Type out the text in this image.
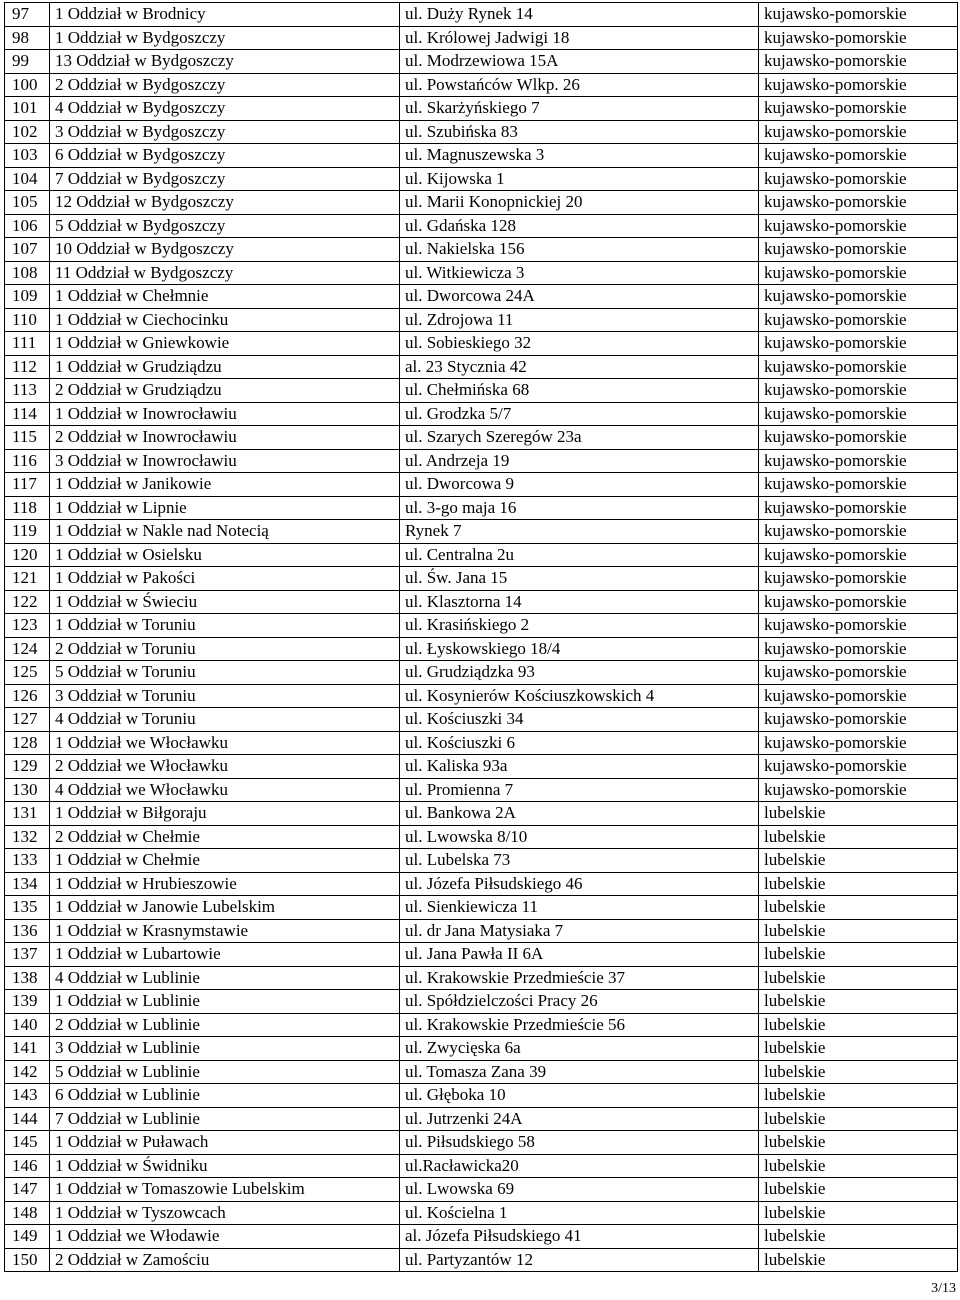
97	1 Oddział w Brodnicy	ul. Duży Rynek 14	kujawsko-pomorskie
98	1 Oddział w Bydgoszczy	ul. Królowej Jadwigi 18	kujawsko-pomorskie
99	13 Oddział w Bydgoszczy	ul. Modrzewiowa 15A	kujawsko-pomorskie
100	2 Oddział w Bydgoszczy	ul. Powstańców Wlkp. 26	kujawsko-pomorskie
101	4 Oddział w Bydgoszczy	ul. Skarżyńskiego 7	kujawsko-pomorskie
102	3 Oddział w Bydgoszczy	ul. Szubińska 83	kujawsko-pomorskie
103	6 Oddział w Bydgoszczy	ul. Magnuszewska 3	kujawsko-pomorskie
104	7 Oddział w Bydgoszczy	ul. Kijowska 1	kujawsko-pomorskie
105	12 Oddział w Bydgoszczy	ul. Marii Konopnickiej 20	kujawsko-pomorskie
106	5 Oddział w Bydgoszczy	ul. Gdańska 128	kujawsko-pomorskie
107	10 Oddział w Bydgoszczy	ul. Nakielska 156	kujawsko-pomorskie
108	11 Oddział w Bydgoszczy	ul. Witkiewicza 3	kujawsko-pomorskie
109	1 Oddział w Chełmnie	ul. Dworcowa 24A	kujawsko-pomorskie
110	1 Oddział w Ciechocinku	ul. Zdrojowa 11	kujawsko-pomorskie
111	1 Oddział w Gniewkowie	ul. Sobieskiego 32	kujawsko-pomorskie
112	1 Oddział w Grudziądzu	al. 23 Stycznia 42	kujawsko-pomorskie
113	2 Oddział w Grudziądzu	ul. Chełmińska 68	kujawsko-pomorskie
114	1 Oddział w Inowrocławiu	ul. Grodzka 5/7	kujawsko-pomorskie
115	2 Oddział w Inowrocławiu	ul. Szarych Szeregów 23a	kujawsko-pomorskie
116	3 Oddział w Inowrocławiu	ul. Andrzeja 19	kujawsko-pomorskie
117	1 Oddział w Janikowie	ul. Dworcowa 9	kujawsko-pomorskie
118	1 Oddział w Lipnie	ul. 3-go maja 16	kujawsko-pomorskie
119	1 Oddział w Nakle nad Notecią	Rynek 7	kujawsko-pomorskie
120	1 Oddział w Osielsku	ul. Centralna 2u	kujawsko-pomorskie
121	1 Oddział w Pakości	ul. Św. Jana 15	kujawsko-pomorskie
122	1 Oddział w Świeciu	ul. Klasztorna 14	kujawsko-pomorskie
123	1 Oddział w Toruniu	ul. Krasińskiego 2	kujawsko-pomorskie
124	2 Oddział w Toruniu	ul. Łyskowskiego 18/4	kujawsko-pomorskie
125	5 Oddział w Toruniu	ul. Grudziądzka 93	kujawsko-pomorskie
126	3 Oddział w Toruniu	ul. Kosynierów Kościuszkowskich 4	kujawsko-pomorskie
127	4 Oddział w Toruniu	ul. Kościuszki 34	kujawsko-pomorskie
128	1 Oddział we Włocławku	ul. Kościuszki 6	kujawsko-pomorskie
129	2 Oddział we Włocławku	ul. Kaliska 93a	kujawsko-pomorskie
130	4 Oddział we Włocławku	ul. Promienna 7	kujawsko-pomorskie
131	1 Oddział w Biłgoraju	ul. Bankowa 2A	lubelskie
132	2 Oddział w Chełmie	ul. Lwowska 8/10	lubelskie
133	1 Oddział w Chełmie	ul. Lubelska 73	lubelskie
134	1 Oddział w Hrubieszowie	ul. Józefa Piłsudskiego 46	lubelskie
135	1 Oddział w Janowie Lubelskim	ul. Sienkiewicza 11	lubelskie
136	1 Oddział w Krasnymstawie	ul. dr Jana Matysiaka 7	lubelskie
137	1 Oddział w Lubartowie	ul. Jana Pawła II 6A	lubelskie
138	4 Oddział w Lublinie	ul. Krakowskie Przedmieście 37	lubelskie
139	1 Oddział w Lublinie	ul. Spółdzielczości Pracy 26	lubelskie
140	2 Oddział w Lublinie	ul. Krakowskie Przedmieście 56	lubelskie
141	3 Oddział w Lublinie	ul. Zwycięska 6a	lubelskie
142	5 Oddział w Lublinie	ul. Tomasza Zana 39	lubelskie
143	6 Oddział w Lublinie	ul. Głęboka 10	lubelskie
144	7 Oddział w Lublinie	ul. Jutrzenki 24A	lubelskie
145	1 Oddział w Puławach	ul. Piłsudskiego 58	lubelskie
146	1 Oddział w Świdniku	ul.Racławicka20	lubelskie
147	1 Oddział w Tomaszowie Lubelskim	ul. Lwowska 69	lubelskie
148	1 Oddział w Tyszowcach	ul. Kościelna 1	lubelskie
149	1 Oddział we Włodawie	al. Józefa Piłsudskiego 41	lubelskie
150	2 Oddział w Zamościu	ul. Partyzantów 12	lubelskie
3/13
